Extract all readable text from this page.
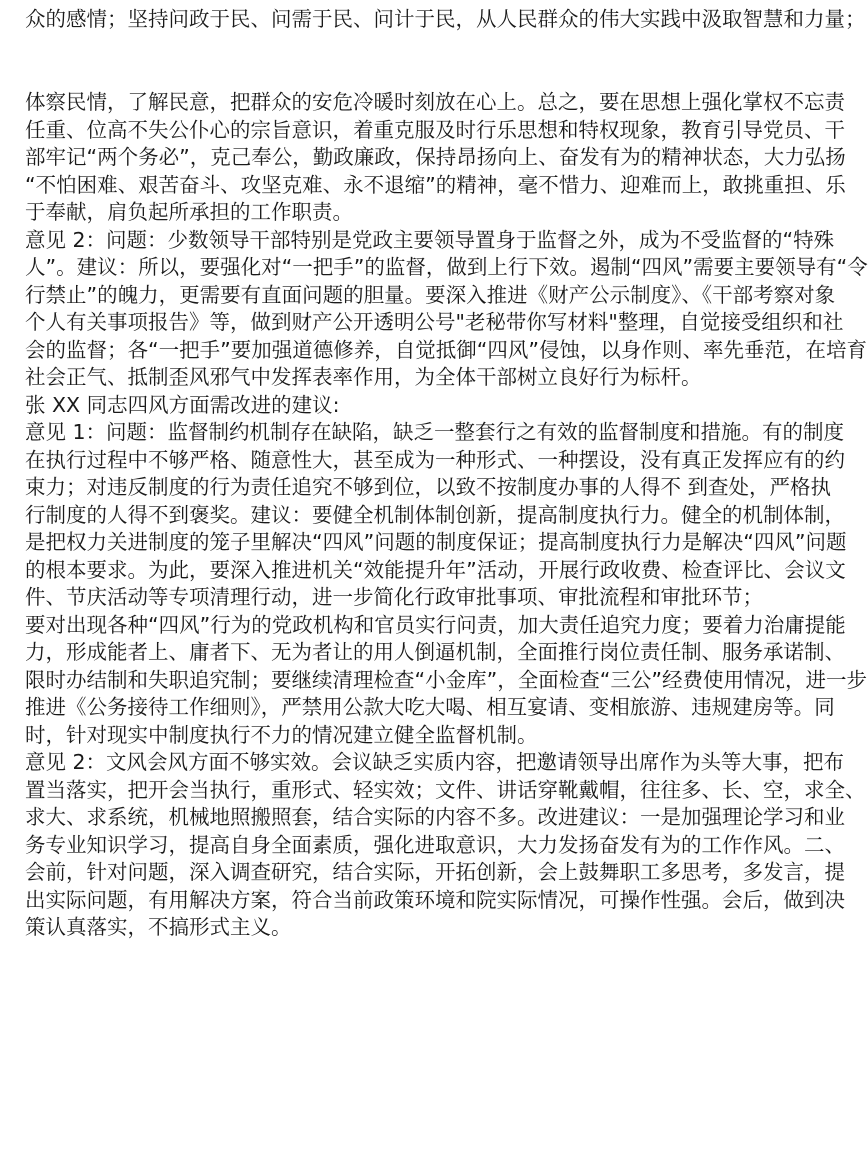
众的感情；坚持问政于民、问需于民、问计于民，从人民群众的伟大实践中汲取智慧和力量；
体察民情，了解民意，把群众的安危冷暖时刻放在心上。总之，要在思想上强化掌权不忘责
任重、位高不失公仆心的宗旨意识，着重克服及时行乐思想和特权现象，教育引导党员、干
部牢记“两个务必”，克己奉公，勤政廉政，保持昂扬向上、奋发有为的精神状态，大力弘扬
“不怕困难、艰苦奋斗、攻坚克难、永不退缩”的精神，毫不惜力、迎难而上，敢挑重担、乐
于奉献，肩负起所承担的工作职责。
意见 2：问题：少数领导干部特别是党政主要领导置身于监督之外，成为不受监督的“特殊
人”。建议：所以，要强化对“一把手”的监督，做到上行下效。遏制“四风”需要主要领导有“令
行禁止”的魄力，更需要有直面问题的胆量。要深入推进《财产公示制度》、《干部考察对象
个人有关事项报告》等，做到财产公开透明公号"老秘带你写材料"整理，自觉接受组织和社
会的监督；各“一把手”要加强道德修养，自觉抵御“四风”侵蚀，以身作则、率先垂范，在培育
社会正气、抵制歪风邪气中发挥表率作用，为全体干部树立良好行为标杆。
张 XX 同志四风方面需改进的建议:
意见 1：问题：监督制约机制存在缺陷，缺乏一整套行之有效的监督制度和措施。有的制度
在执行过程中不够严格、随意性大，甚至成为一种形式、一种摆设，没有真正发挥应有的约
束力；对违反制度的行为责任追究不够到位，以致不按制度办事的人得不 到查处，严格执
行制度的人得不到褒奖。建议：要健全机制体制创新，提高制度执行力。健全的机制体制，
是把权力关进制度的笼子里解决“四风”问题的制度保证；提高制度执行力是解决“四风”问题
的根本要求。为此，要深入推进机关“效能提升年”活动，开展行政收费、检查评比、会议文
件、节庆活动等专项清理行动，进一步简化行政审批事项、审批流程和审批环节；
要对出现各种“四风”行为的党政机构和官员实行问责，加大责任追究力度；要着力治庸提能
力，形成能者上、庸者下、无为者让的用人倒逼机制，全面推行岗位责任制、服务承诺制、
限时办结制和失职追究制；要继续清理检查“小金库”，全面检查“三公”经费使用情况，进一步
推进《公务接待工作细则》，严禁用公款大吃大喝、相互宴请、变相旅游、违规建房等。同
时，针对现实中制度执行不力的情况建立健全监督机制。
意见 2：文风会风方面不够实效。会议缺乏实质内容，把邀请领导出席作为头等大事，把布
置当落实，把开会当执行，重形式、轻实效；文件、讲话穿靴戴帽，往往多、长、空，求全、
求大、求系统，机械地照搬照套，结合实际的内容不多。改进建议：一是加强理论学习和业
务专业知识学习，提高自身全面素质，强化进取意识，大力发扬奋发有为的工作作风。二、
会前，针对问题，深入调查研究，结合实际，开拓创新，会上鼓舞职工多思考，多发言，提
出实际问题，有用解决方案，符合当前政策环境和院实际情况，可操作性强。会后，做到决
策认真落实，不搞形式主义。
